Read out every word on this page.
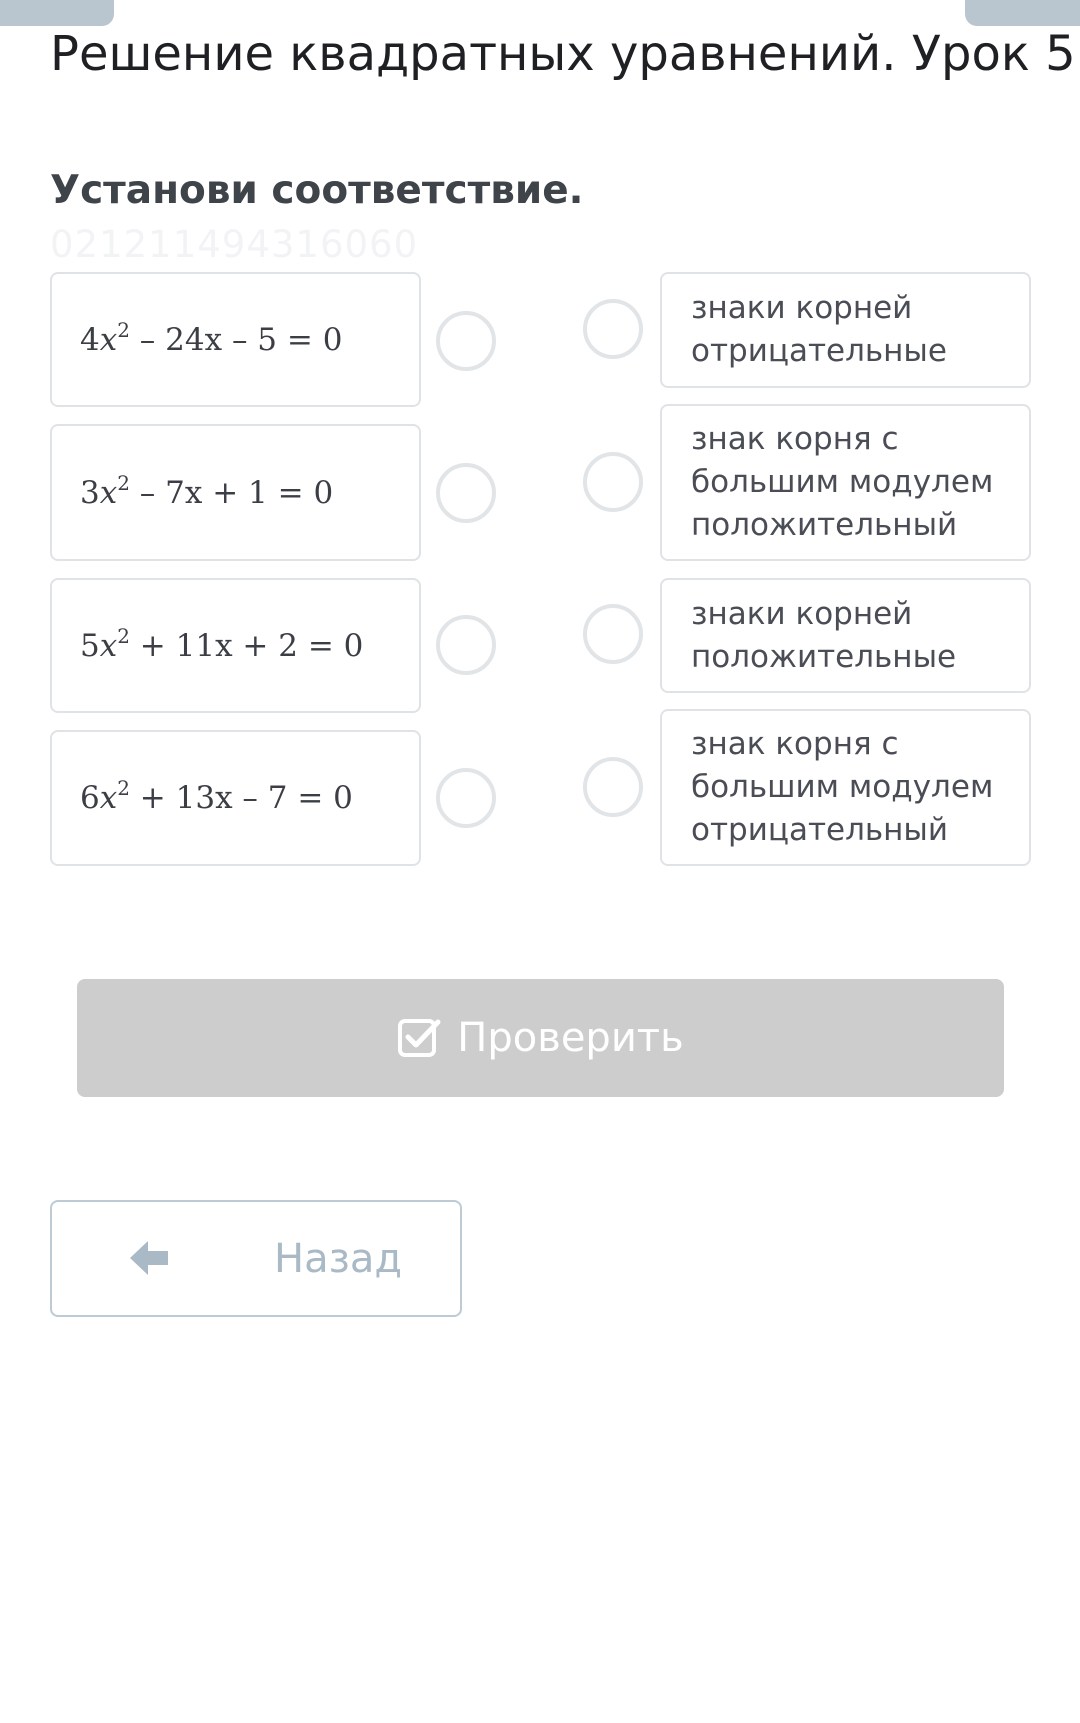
Решение квадратных уравнений. Урок 5
Установи соответствие.
021211494316060
$4x^2 - 24x - 5 = 0$
$3x^2 - 7x + 1 = 0$
$5x^2 + 11x + 2 = 0$
$6x^2 + 13x - 7 = 0$
знаки корней отрицательные
знак корня с большим модулем положительный
знаки корней положительные
знак корня с большим модулем отрицательный
Проверить
Назад
